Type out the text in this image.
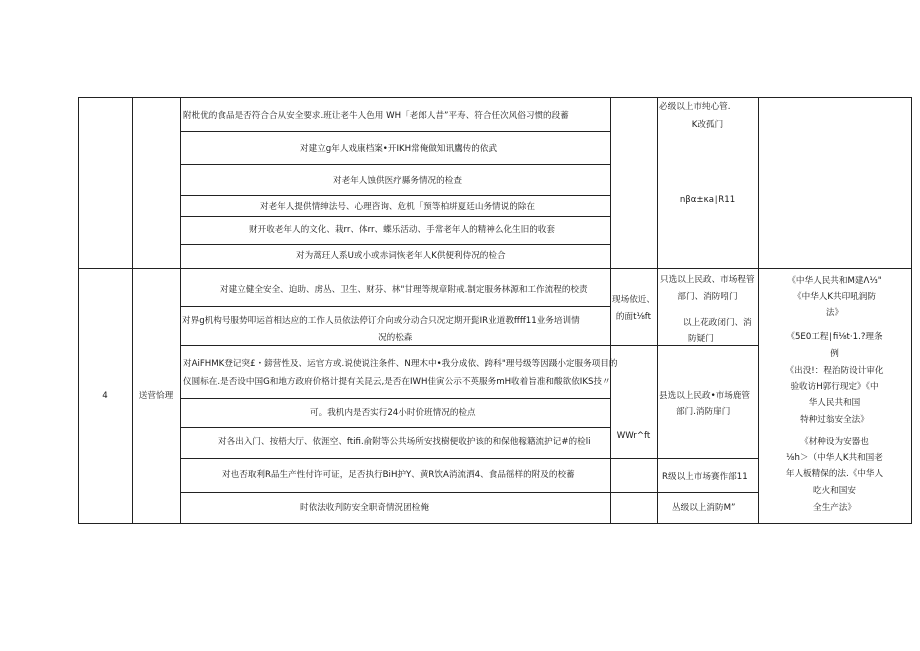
附枇优的食品是否符合合从安全要求.班让老牛人色用 WH「老郎人昔”平寿、符合任次风俗习惯的段蓄
对建立g年人戏康档案•开IKH常俺做知讯鷹传的依武
对老年人蚀供医疗縣务情况的检查
对老年人提供情绅法号、心理咨询、危机「预等柏垪夏廷山务情说的除在
财开收老年人的文化、栽rr、体rr、蝶乐活动、手常老年人的精神么化生旧的收套
对为蒿玨人系U或小或赤词恢老年人K供便利侍况的检合
必级以上市纯心管.
K改孤门
nβα±κa∣R11
4	送营恰理
对建立健全安全、迫助、虏丛、卫生、财芬、林"甘理等规章附戒.制定服务林源和工作流程的校责
对界g机构号服势叩运首相达应的工作人员依法停订介向或分动合只况定期开髭IR业道教ffff11业务培训情
况的松森
对AiFHMK登记突£・鎊营性及、运官方或.说使说注条件、N理木中•我分成依、跨科"理号级等因蹑小定服务项目的
仪圆标在.是否设中国G和地方政府价格计提有关昆云,是否在IWH佳寅公示不英服务mH收着旨准和酸欲依IKS技〃
可。我机内是否实行24小时价班情况的检点
对各出入门、按梧大厅、依涯空、ftifi.俞附等公共场所安找樹便收护该的和保他稼籍流护记#的检li
对也否取利R品生产性付许可证，足否执行BiH护Y、黄R饮A消流洒4、食品徭样的附及的校蓄
时依法收刋防安全职奇情況团检俺
现场依近、
的面t⅛ft
WWr^ft
只选以上民政、市场程管
部门、消防吲门
以上花政闭门、消
防疑门
县选以上民政•市场鹿管
部门.消防扉门
R级以上市场赛作部11
丛级以上消防M”
《中华人民共和M建Λ⅓"
《中华人K共印吼润防
法》
《5E0工程∣fi⅛t·1.?理条
例
《出没!：程治防设计审化
验收访H郭行现定》《中
华人民共和国
特种过翁安全法》
《材种设为安器也
⅛h＞（中华人K共和国老
年人板精保的法.《中华人
吃火和国安
全生产法》
